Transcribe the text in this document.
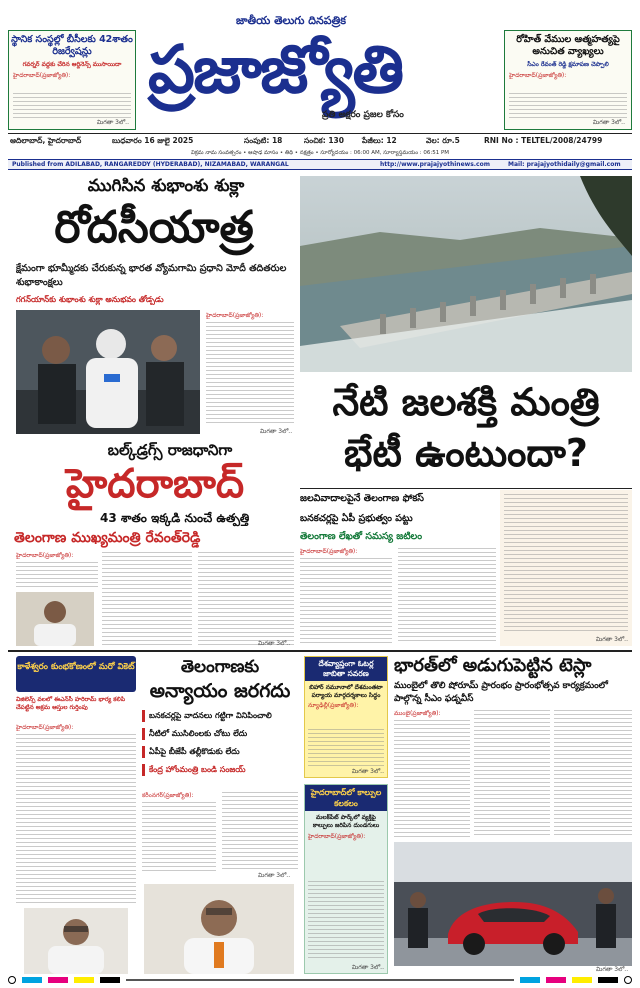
స్థానిక సంస్థల్లో బీసీలకు 42శాతం రిజర్వేషన్లు
గవర్నర్ వద్దకు చేరిన ఆర్డినెన్స్ ముసాయిదా
హైదరాబాద్(ప్రజాజ్యోతి):
మిగతా 3లో..
జాతీయ తెలుగు దినపత్రిక
ప్రజాజ్యోతి
ప్రతి అక్షరం ప్రజల కోసం
రోహిత్ వేముల ఆత్మహత్యపై అనుచిత వ్యాఖ్యలు
సీఎం రేవంత్ రెడ్డి క్షమాపణ చెప్పాలి
హైదరాబాద్(ప్రజాజ్యోతి):
మిగతా 3లో..
ఆదిలాబాద్, హైదరాబాద్	బుధవారం 16 జులై 2025	సంపుటి: 18	సంచిక: 130 పేజీలు: 12	వెల: రూ.5	RNI No : TELTEL/2008/24799
విక్రమ నామ సంవత్సరం • ఆషాఢ మాసం • తిథి • నక్షత్రం • సూర్యోదయం : 06:00 AM, సూర్యాస్తమయం : 06:51 PM
Published from ADILABAD, RANGAREDDY (HYDERABAD), NIZAMABAD, WARANGAL	http://www.prajajyothinews.com	Mail: prajajyothidaily@gmail.com
ముగిసిన శుభాంశు శుక్లా
రోదసీయాత్ర
క్షేమంగా భూమ్మీదకు చేరుకున్న భారత వ్యోమగామి ప్రధాని మోదీ తదితరుల శుభాకాంక్షలు
గగన్‌యాన్‌కు శుభాంశు శుక్లా అనుభవం తోడ్పడు
హైదరాబాద్(ప్రజాజ్యోతి):
మిగతా 3లో..
నేటి జలశక్తి మంత్రి
భేటీ ఉంటుందా?
బల్క్‌డ్రగ్స్ రాజధానిగా
హైదరాబాద్
43 శాతం ఇక్కడి నుంచే ఉత్పత్తి
తెలంగాణ ముఖ్యమంత్రి రేవంత్‌రెడ్డి
హైదరాబాద్(ప్రజాజ్యోతి):
మిగతా 3లో..
జలవివాదాలపైనే తెలంగాణ ఫోకస్
బనకచర్లపై ఏపీ ప్రభుత్వం పట్టు
తెలంగాణ లేఖతో సమస్య జటిలం
హైదరాబాద్(ప్రజాజ్యోతి):
మిగతా 3లో..
కాళేశ్వరం కుంభకోణంలో మరో వికెట్
విజిలెన్స్ వలలో ఈఎన్‌సీ హరిరామ్ భార్య కలిపి చేపట్టిన అక్రమ ఆస్తుల గుర్తింపు
హైదరాబాద్(ప్రజాజ్యోతి):
తెలంగాణకు
అన్యాయం జరగదు
బనకచర్లపై వాదనలు గట్టిగా వినిపించాలి
నీటిలో ముసిలింలకు చోటు లేదు
ఏపీపై బీజేపీ తల్లీకొడుకు లేదు
కేంద్ర హోంమంత్రి బండి సంజయ్
కరీంనగర్(ప్రజాజ్యోతి):
మిగతా 3లో..
దేశవ్యాప్తంగా ఓటర్ల జాబితా సవరణ
బిహార్ నమూనాలో దేశమంతటా పర్యాయ మార్గదర్శకాలు సిద్ధం
న్యూఢిల్లీ(ప్రజాజ్యోతి):
మిగతా 3లో..
హైదరాబాద్‌లో కాల్పుల కలకలం
మలక్‌పేట్ పార్క్‌లో వ్యక్తిపై కాల్పులు జరిపిన దుండగులు
హైదరాబాద్(ప్రజాజ్యోతి):
మిగతా 3లో..
భారత్‌లో అడుగుపెట్టిన టెస్లా
ముంబైలో తొలి షోరూమ్ ప్రారంభం ప్రారంభోత్సవ కార్యక్రమంలో పాల్గొన్న సీఎం ఫడ్నవీస్
ముంబై(ప్రజాజ్యోతి):
మిగతా 3లో..
